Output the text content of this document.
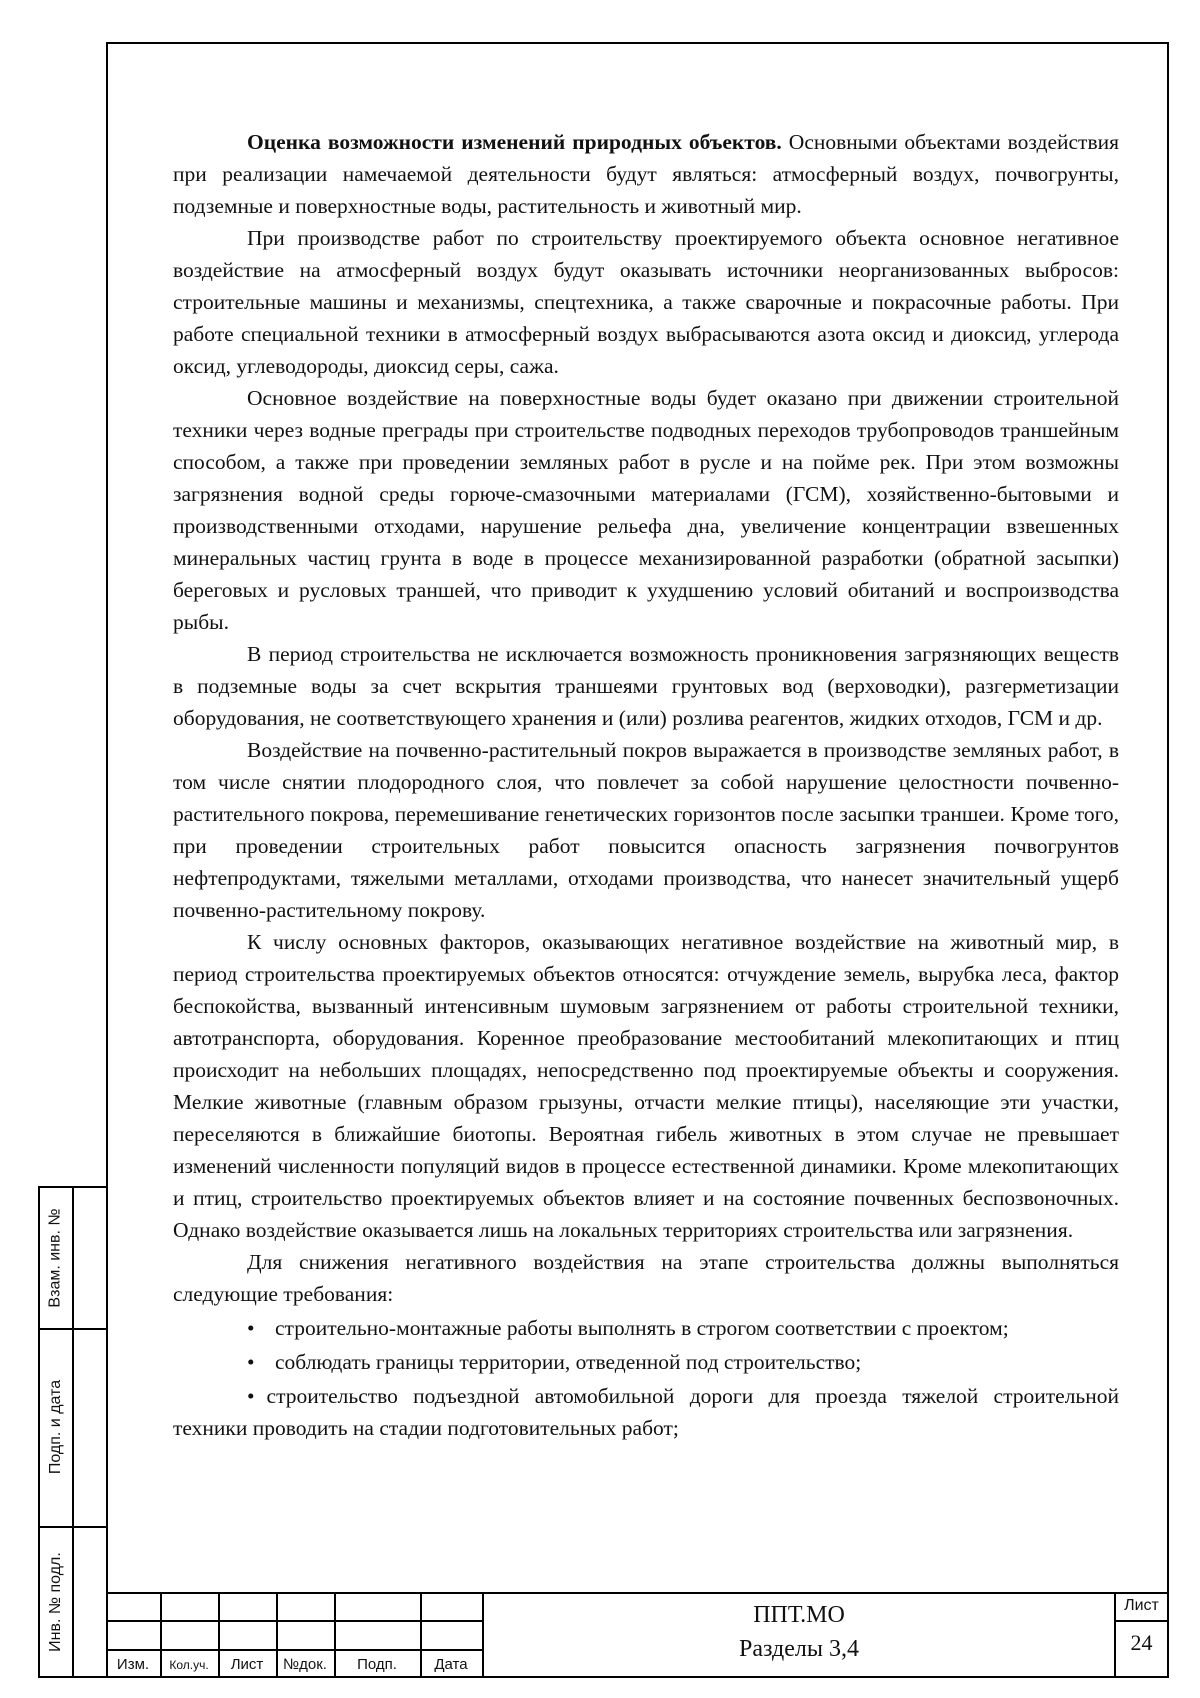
Оценка возможности изменений природных объектов. Основными объектами воздействия при реализации намечаемой деятельности будут являться: атмосферный воздух, почвогрунты, подземные и поверхностные воды, растительность и животный мир.

При производстве работ по строительству проектируемого объекта основное негативное воздействие на атмосферный воздух будут оказывать источники неорганизованных выбросов: строительные машины и механизмы, спецтехника, а также сварочные и покрасочные работы. При работе специальной техники в атмосферный воздух выбрасываются азота оксид и диоксид, углерода оксид, углеводороды, диоксид серы, сажа.

Основное воздействие на поверхностные воды будет оказано при движении строительной техники через водные преграды при строительстве подводных переходов трубопроводов траншейным способом, а также при проведении земляных работ в русле и на пойме рек. При этом возможны загрязнения водной среды горюче-смазочными материалами (ГСМ), хозяйственно-бытовыми и производственными отходами, нарушение рельефа дна, увеличение концентрации взвешенных минеральных частиц грунта в воде в процессе механизированной разработки (обратной засыпки) береговых и русловых траншей, что приводит к ухудшению условий обитаний и воспроизводства рыбы.

В период строительства не исключается возможность проникновения загрязняющих веществ в подземные воды за счет вскрытия траншеями грунтовых вод (верховодки), разгерметизации оборудования, не соответствующего хранения и (или) розлива реагентов, жидких отходов, ГСМ и др.

Воздействие на почвенно-растительный покров выражается в производстве земляных работ, в том числе снятии плодородного слоя, что повлечет за собой нарушение целостности почвенно-растительного покрова, перемешивание генетических горизонтов после засыпки траншеи. Кроме того, при проведении строительных работ повысится опасность загрязнения почвогрунтов нефтепродуктами, тяжелыми металлами, отходами производства, что нанесет значительный ущерб почвенно-растительному покрову.

К числу основных факторов, оказывающих негативное воздействие на животный мир, в период строительства проектируемых объектов относятся: отчуждение земель, вырубка леса, фактор беспокойства, вызванный интенсивным шумовым загрязнением от работы строительной техники, автотранспорта, оборудования. Коренное преобразование местообитаний млекопитающих и птиц происходит на небольших площадях, непосредственно под проектируемые объекты и сооружения. Мелкие животные (главным образом грызуны, отчасти мелкие птицы), населяющие эти участки, переселяются в ближайшие биотопы. Вероятная гибель животных в этом случае не превышает изменений численности популяций видов в процессе естественной динамики. Кроме млекопитающих и птиц, строительство проектируемых объектов влияет и на состояние почвенных беспозвоночных. Однако воздействие оказывается лишь на локальных территориях строительства или загрязнения.

Для снижения негативного воздействия на этапе строительства должны выполняться следующие требования:

• строительно-монтажные работы выполнять в строгом соответствии с проектом;
• соблюдать границы территории, отведенной под строительство;
• строительство подъездной автомобильной дороги для проезда тяжелой строительной техники проводить на стадии подготовительных работ;
Взам. инв. №
Подп. и дата
Инв. № подл.
Изм.	Кол.уч.	Лист	№док.	Подп.	Дата
ППТ.МО
Разделы 3,4
Лист
24
